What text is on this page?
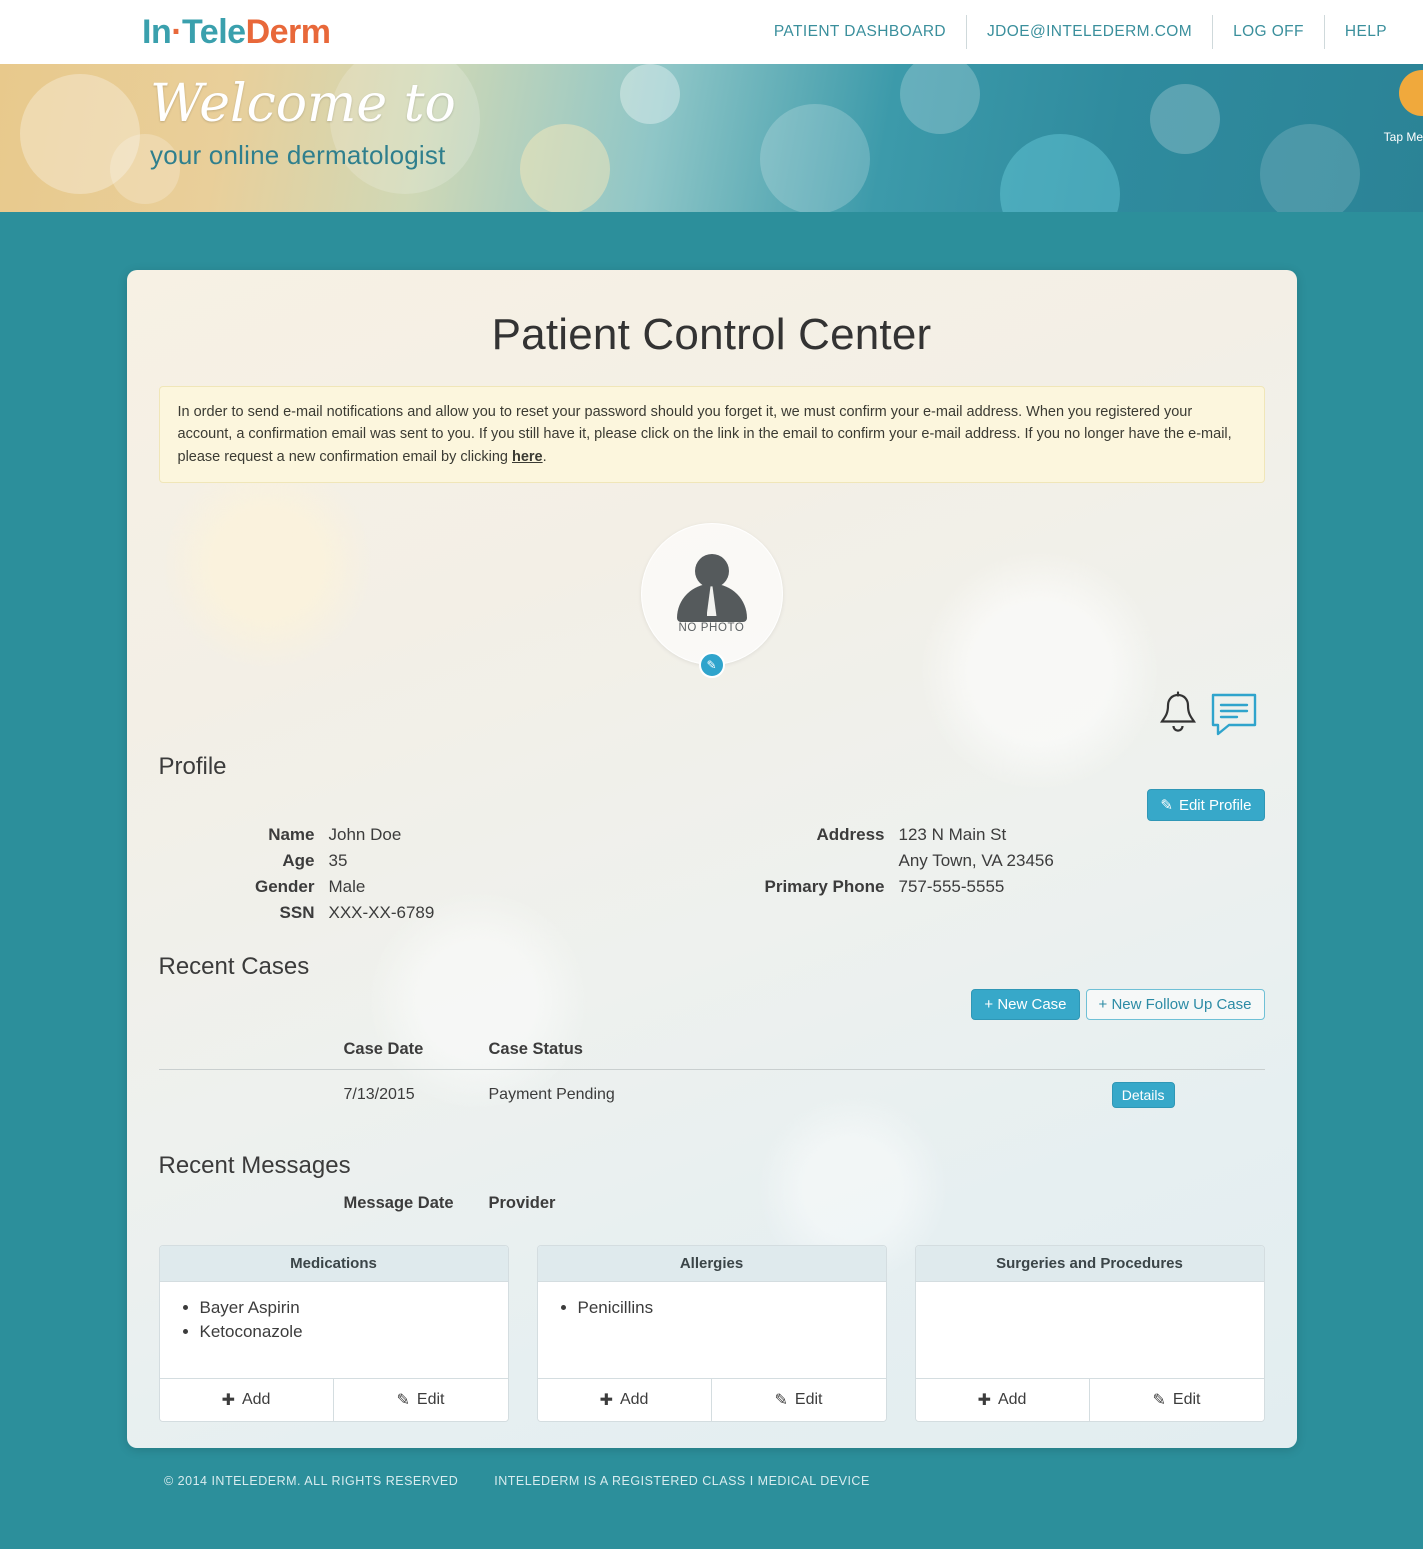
In·TeleDerm	PATIENT DASHBOARD	JDOE@INTELEDERM.COM	LOG OFF	HELP
Welcome to
your online dermatologist
Tap Me
Patient Control Center
In order to send e-mail notifications and allow you to reset your password should you forget it, we must confirm your e-mail address. When you registered your account, a confirmation email was sent to you. If you still have it, please click on the link in the email to confirm your e-mail address. If you no longer have the e-mail, please request a new confirmation email by clicking here.
NO PHOTO
✎
Profile
✎ Edit Profile
Name John Doe	Address 123 N Main St
Age 35	Any Town, VA 23456
Gender Male	Primary Phone 757-555-5555
SSN XXX-XX-6789
Recent Cases
+ New Case	+ New Follow Up Case
Case Date	Case Status	
7/13/2015	Payment Pending	Details
Recent Messages
Message Date	Provider	
Medications
• Bayer Aspirin
• Ketoconazole
✚ Add	✎ Edit
Allergies
• Penicillins
✚ Add	✎ Edit
Surgeries and Procedures
✚ Add	✎ Edit
© 2014 INTELEDERM. ALL RIGHTS RESERVED	INTELEDERM IS A REGISTERED CLASS I MEDICAL DEVICE
